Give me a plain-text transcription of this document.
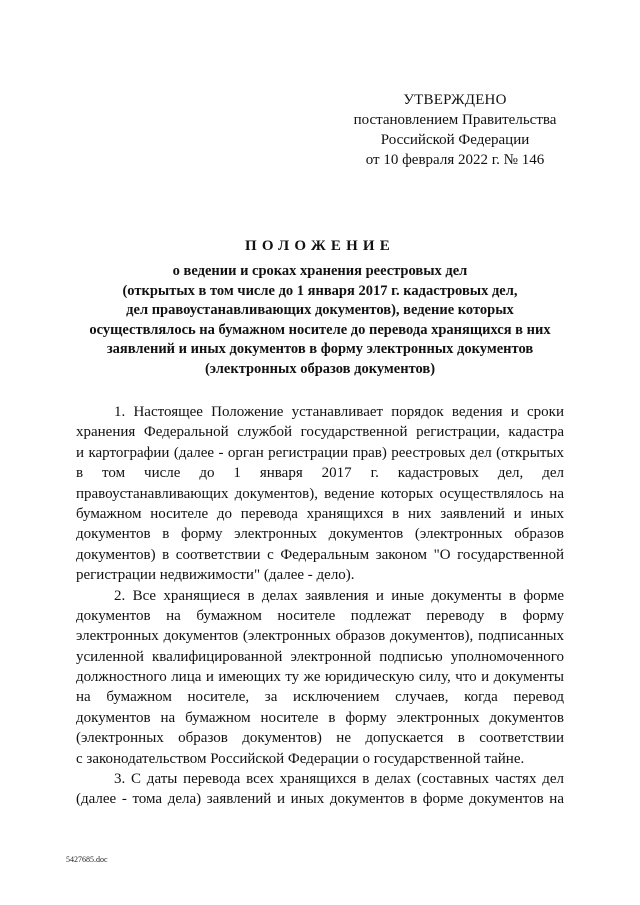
УТВЕРЖДЕНО
постановлением Правительства
Российской Федерации
от 10 февраля 2022 г. № 146
ПОЛОЖЕНИЕ
о ведении и сроках хранения реестровых дел
(открытых в том числе до 1 января 2017 г. кадастровых дел,
дел правоустанавливающих документов), ведение которых
осуществлялось на бумажном носителе до перевода хранящихся в них
заявлений и иных документов в форму электронных документов
(электронных образов документов)
1. Настоящее Положение устанавливает порядок ведения и сроки
хранения Федеральной службой государственной регистрации, кадастра
и картографии (далее - орган регистрации прав) реестровых дел (открытых
в том числе до 1 января 2017 г. кадастровых дел, дел
правоустанавливающих документов), ведение которых осуществлялось на
бумажном носителе до перевода хранящихся в них заявлений и иных
документов в форму электронных документов (электронных образов
документов) в соответствии с Федеральным законом "О государственной
регистрации недвижимости" (далее - дело).
2. Все хранящиеся в делах заявления и иные документы в форме
документов на бумажном носителе подлежат переводу в форму
электронных документов (электронных образов документов), подписанных
усиленной квалифицированной электронной подписью уполномоченного
должностного лица и имеющих ту же юридическую силу, что и документы
на бумажном носителе, за исключением случаев, когда перевод
документов на бумажном носителе в форму электронных документов
(электронных образов документов) не допускается в соответствии
с законодательством Российской Федерации о государственной тайне.
3. С даты перевода всех хранящихся в делах (составных частях дел
(далее - тома дела) заявлений и иных документов в форме документов на
5427685.doc
